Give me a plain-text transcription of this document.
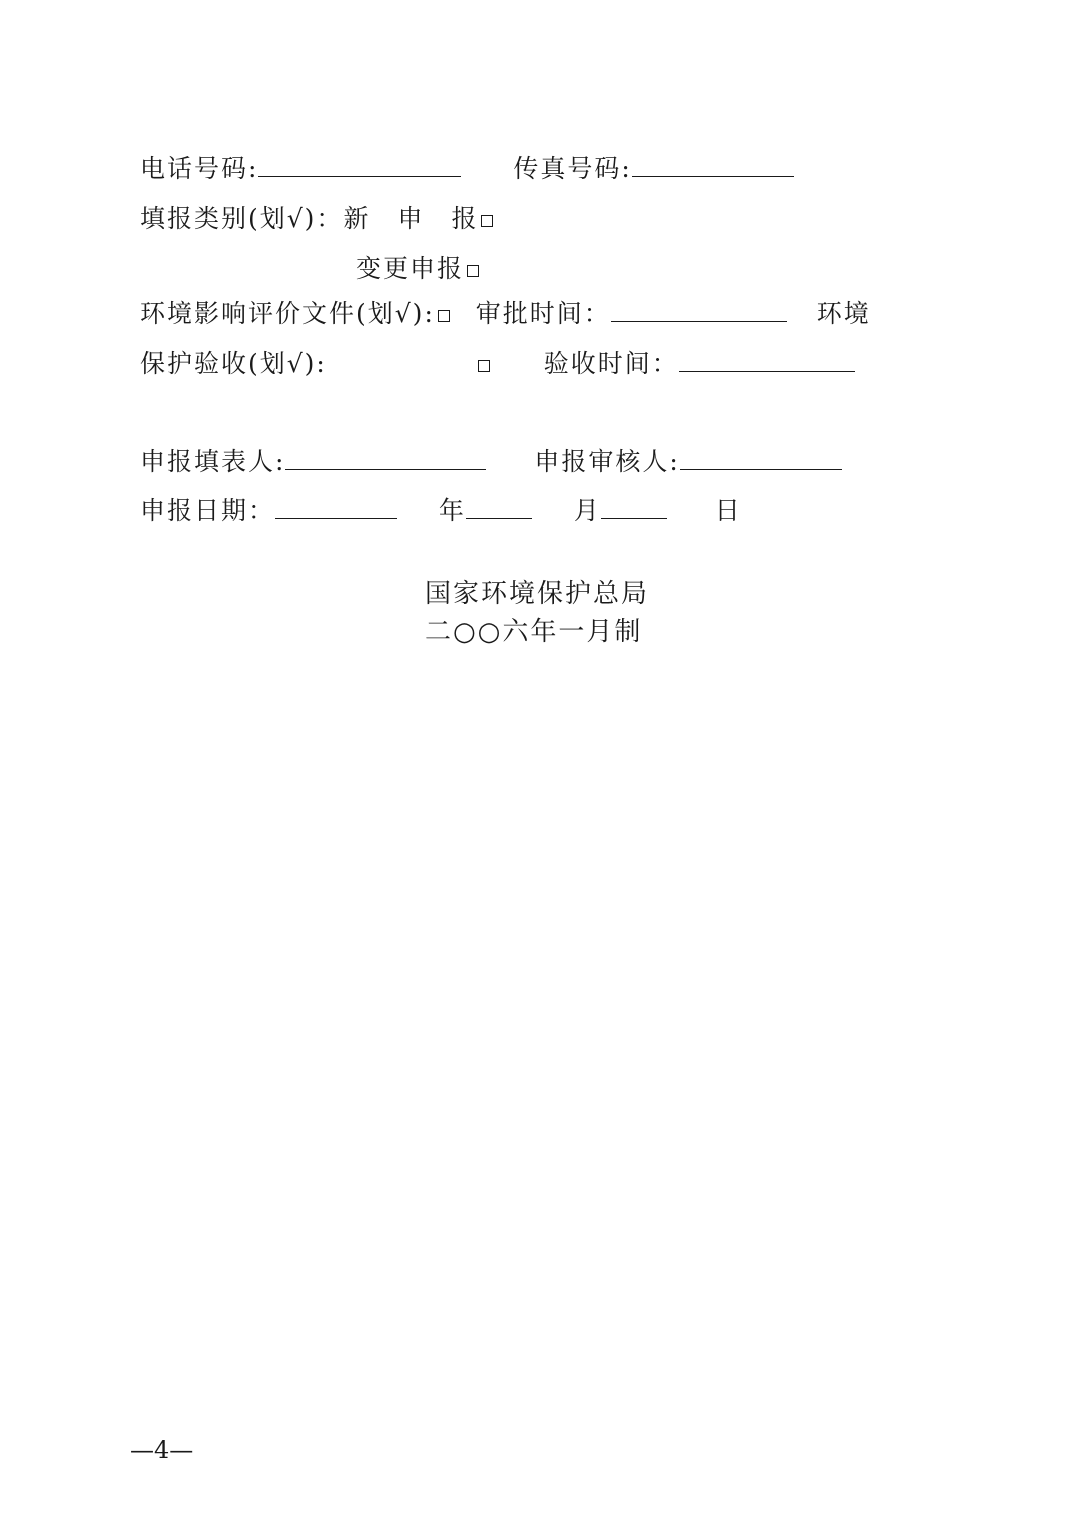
电话号码:	传真号码:
填报类别(划√)：新　申　报
变更申报
环境影响评价文件(划√): 审批时间：	环境
保护验收(划√):	验收时间：
申报填表人:	申报审核人:
申报日期：	年	月	日
国家环境保护总局
二○○六年一月制
—4—
